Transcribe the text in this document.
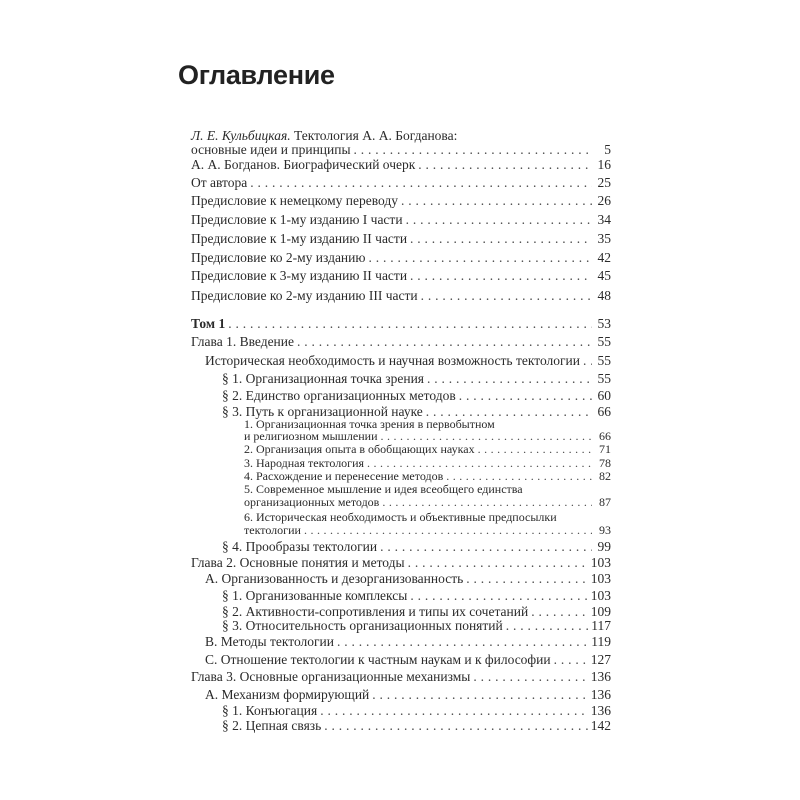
Оглавление
Л. Е. Кульбицкая. Тектология А. А. Богданова:
основные идеи и принципы . . .	5
А. А. Богданов. Биографический очерк . . .	16
От автора . . .	25
Предисловие к немецкому переводу . . .	26
Предисловие к 1-му изданию I части . . .	34
Предисловие к 1-му изданию II части . . .	35
Предисловие ко 2-му изданию . . .	42
Предисловие к 3-му изданию II части . . .	45
Предисловие ко 2-му изданию III части . . .	48
Том 1 . . .	53
Глава 1. Введение . . .	55
Историческая необходимость и научная возможность тектологии . . . 55
§ 1. Организационная точка зрения . . .	55
§ 2. Единство организационных методов . . .	60
§ 3. Путь к организационной науке . . .	66
1. Организационная точка зрения в первобытном
и религиозном мышлении . . .	66
2. Организация опыта в обобщающих науках . . .	71
3. Народная тектология . . .	78
4. Расхождение и перенесение методов . . .	82
5. Современное мышление и идея всеобщего единства
организационных методов . . .	87
6. Историческая необходимость и объективные предпосылки
тектологии . . .	93
§ 4. Прообразы тектологии . . .	99
Глава 2. Основные понятия и методы . . .	103
А. Организованность и дезорганизованность . . .	103
§ 1. Организованные комплексы . . .	103
§ 2. Активности-сопротивления и типы их сочетаний . . .	109
§ 3. Относительность организационных понятий . . .	117
B. Методы тектологии . . .	119
C. Отношение тектологии к частным наукам и к философии . . .	127
Глава 3. Основные организационные механизмы . . .	136
А. Механизм формирующий . . .	136
§ 1. Конъюгация . . .	136
§ 2. Цепная связь . . .	142
